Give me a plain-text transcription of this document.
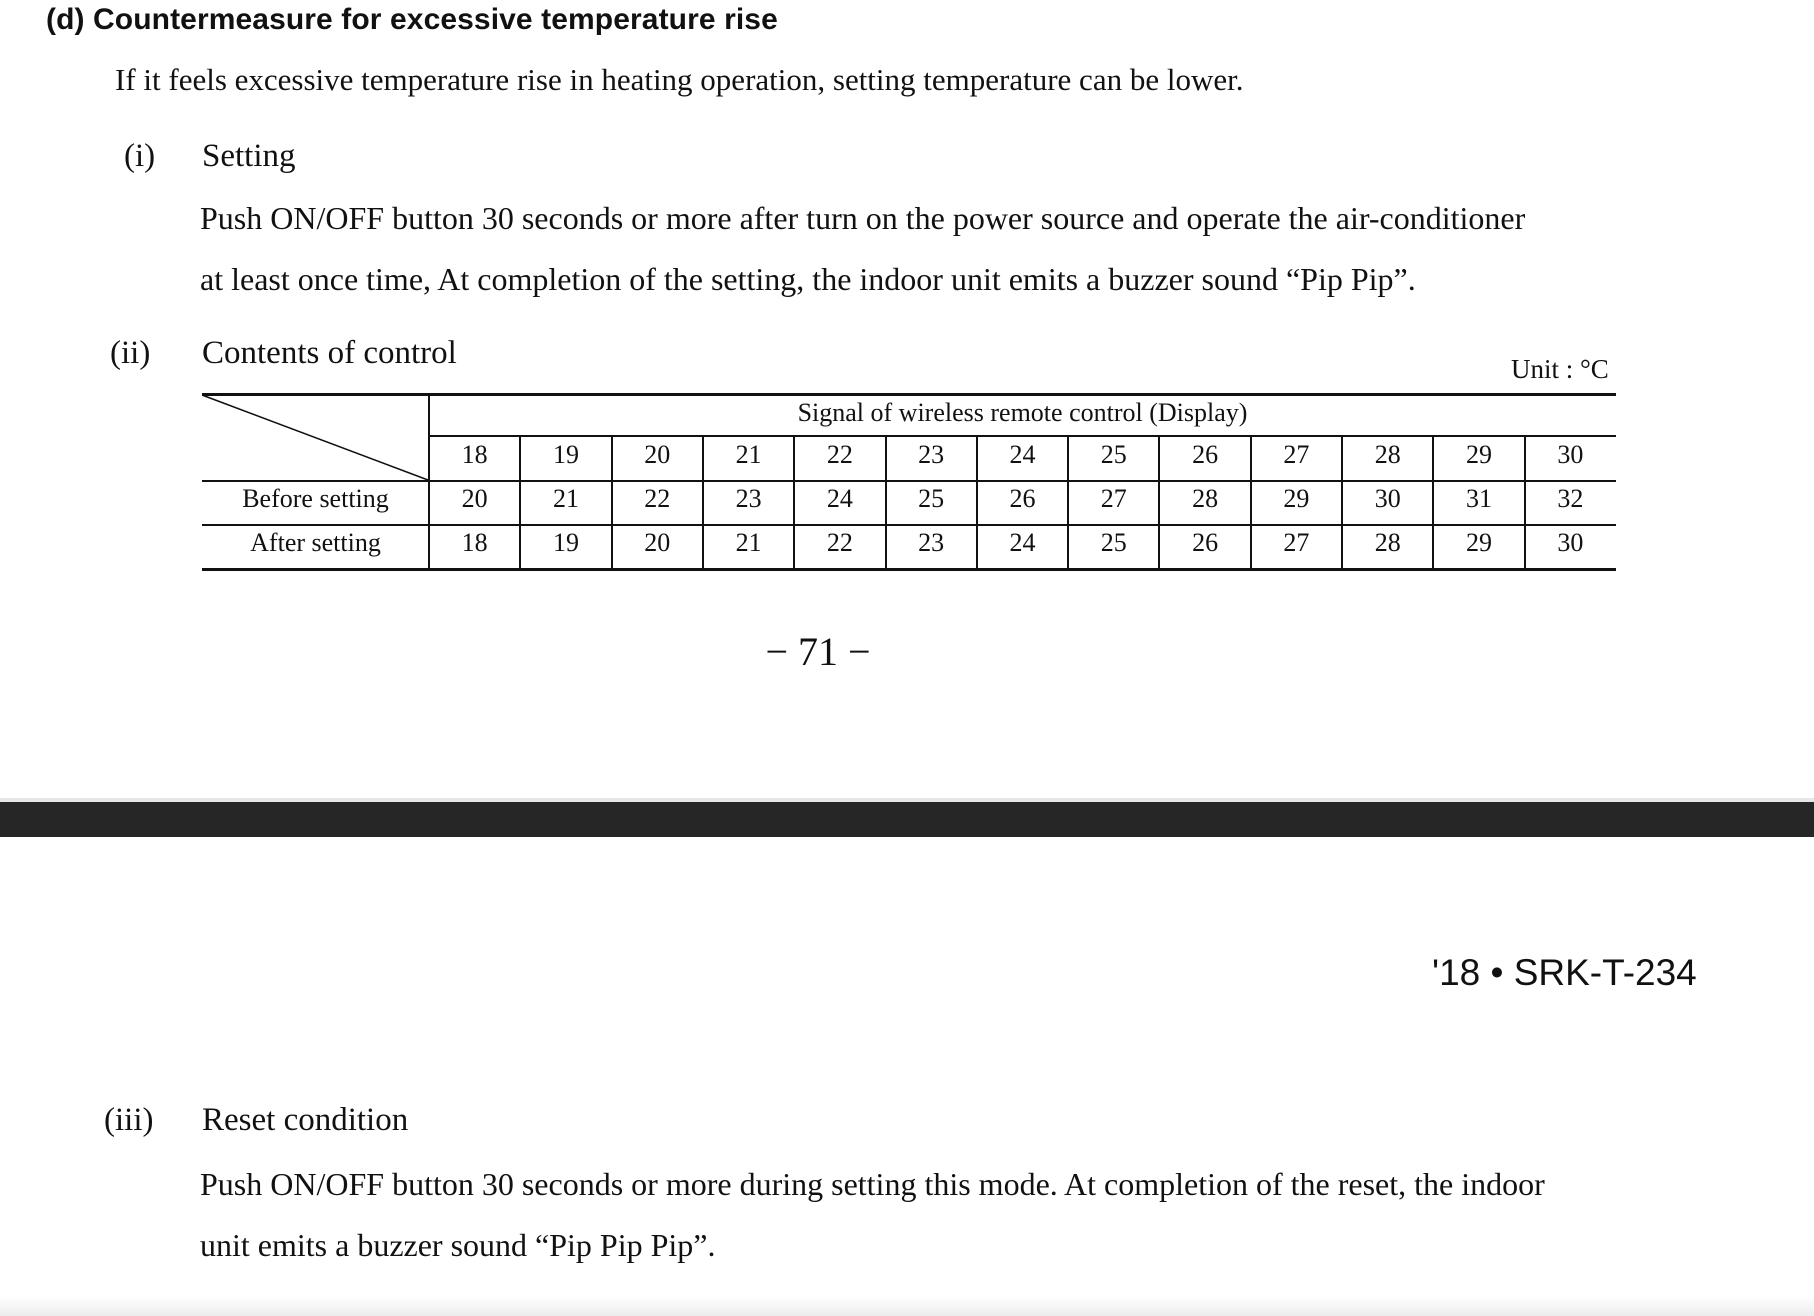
(d) Countermeasure for excessive temperature rise
If it feels excessive temperature rise in heating operation, setting temperature can be lower.
(i) Setting
Push ON/OFF button 30 seconds or more after turn on the power source and operate the air-conditioner
at least once time, At completion of the setting, the indoor unit emits a buzzer sound “Pip Pip”.
(ii) Contents of control	Unit : °C
Signal of wireless remote control (Display)
18	19	20	21	22	23	24	25	26	27	28	29	30
Before setting	20	21	22	23	24	25	26	27	28	29	30	31	32
After setting	18	19	20	21	22	23	24	25	26	27	28	29	30
− 71 −
'18 • SRK-T-234
(iii) Reset condition
Push ON/OFF button 30 seconds or more during setting this mode. At completion of the reset, the indoor
unit emits a buzzer sound “Pip Pip Pip”.
